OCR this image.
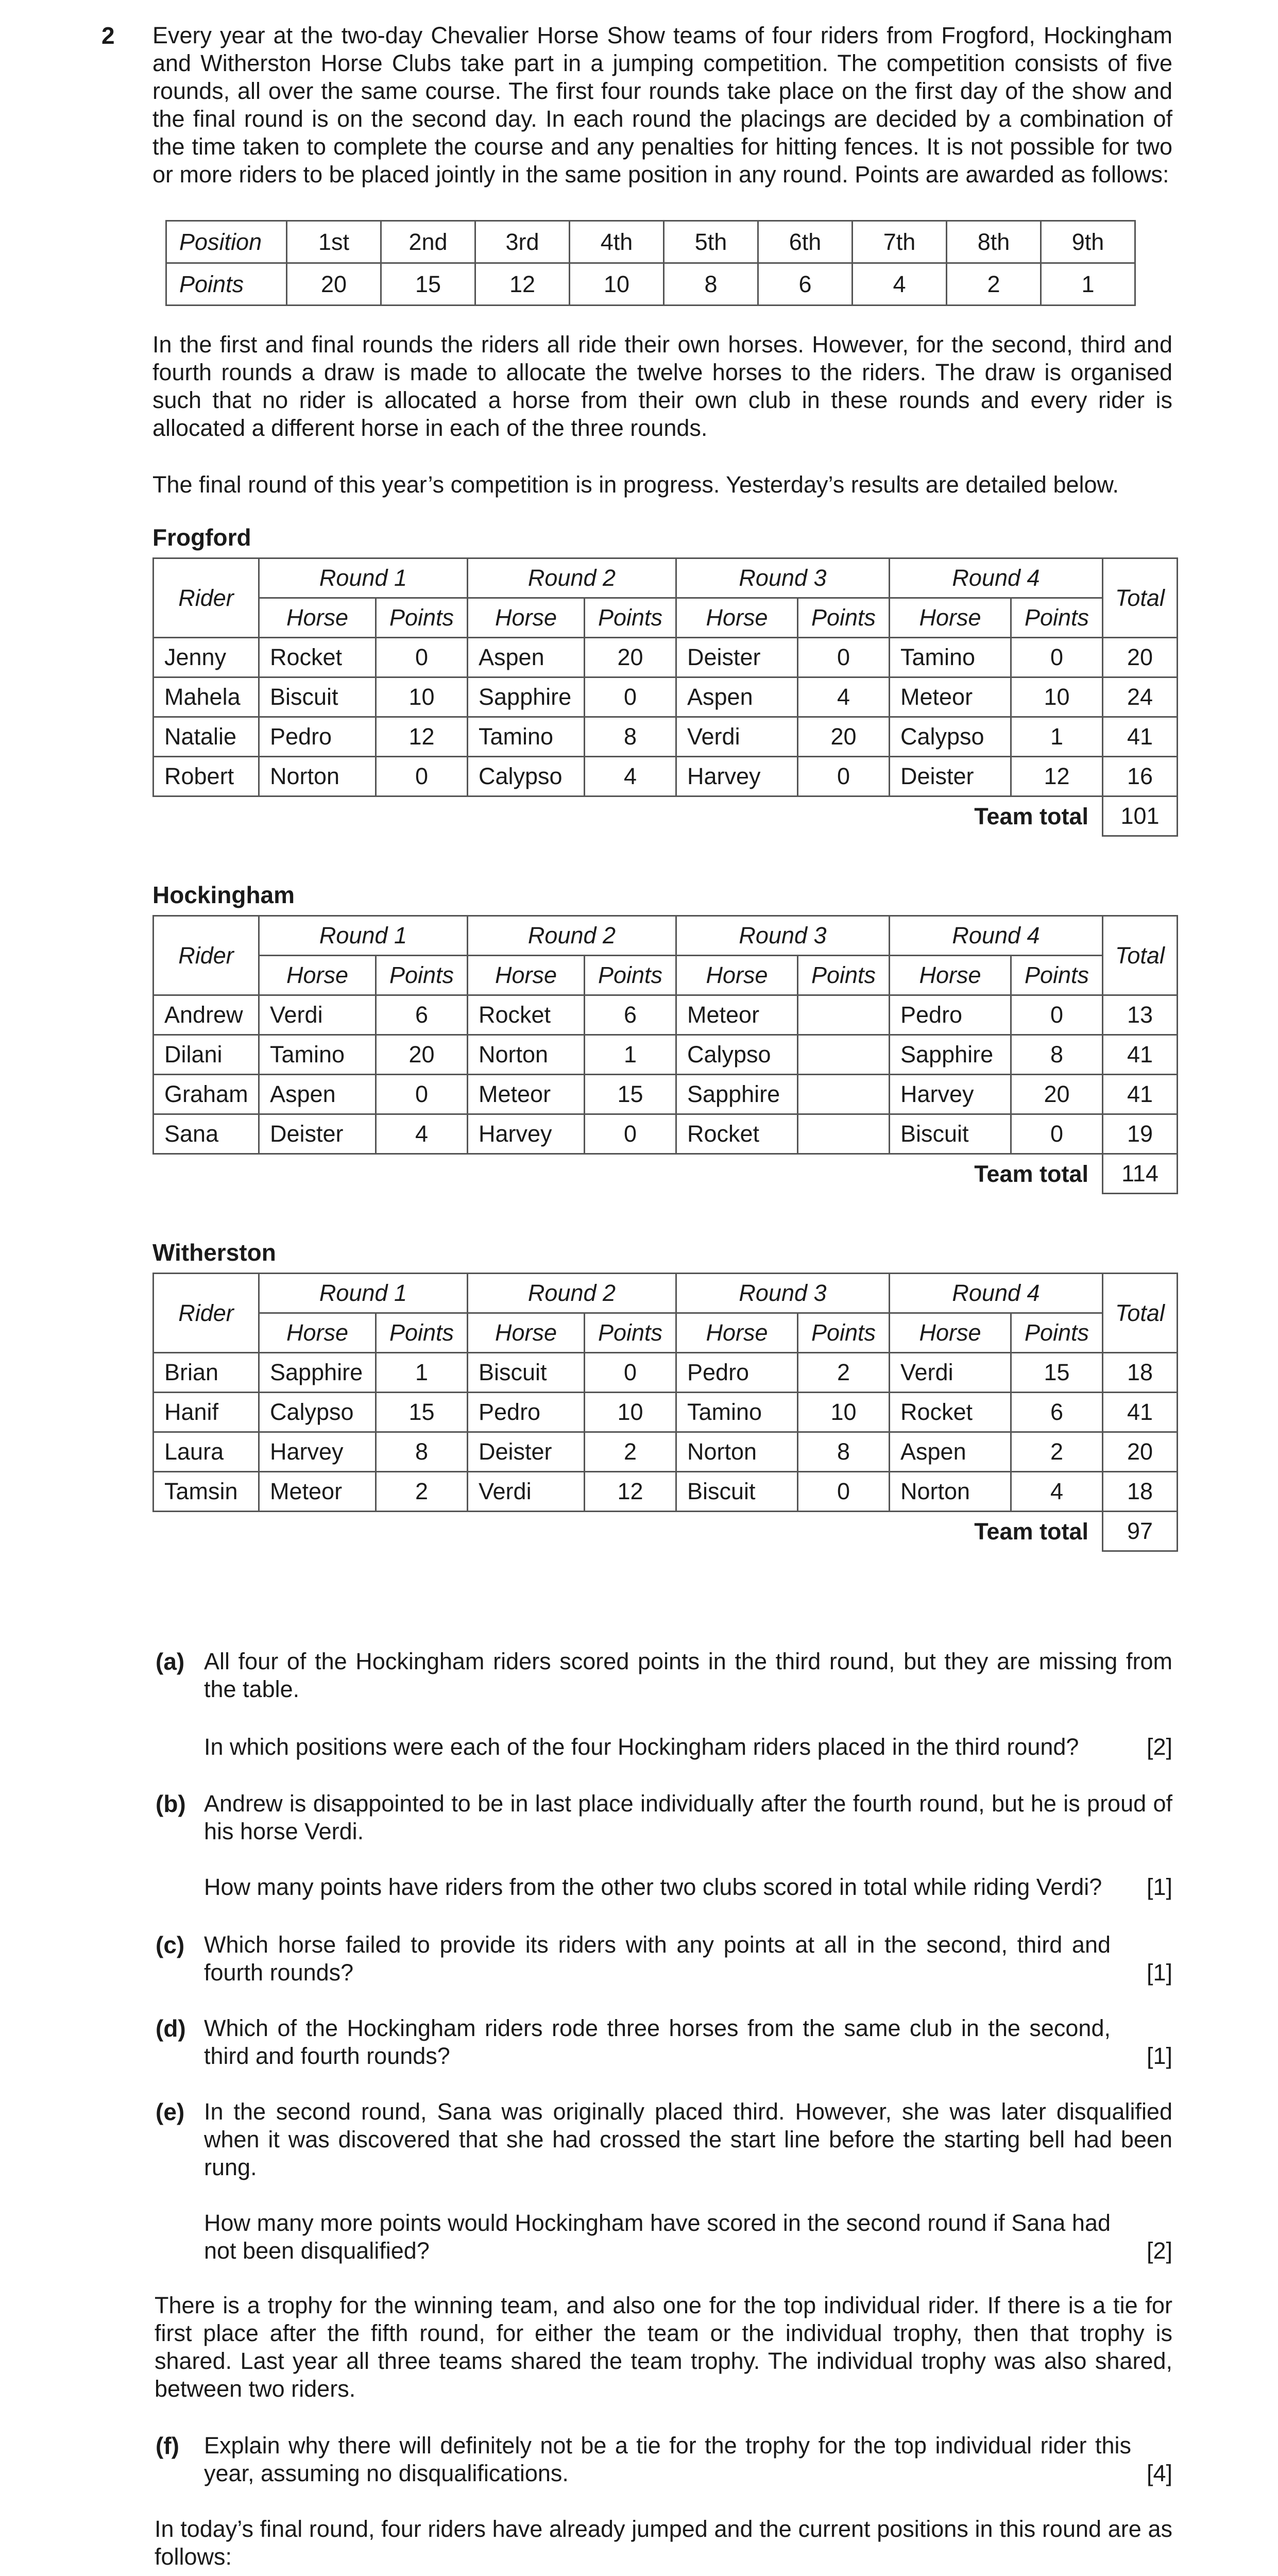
2 Every year at the two-day Chevalier Horse Show teams of four riders from Frogford, Hockingham and Witherston Horse Clubs take part in a jumping competition. The competition consists of five rounds, all over the same course. The first four rounds take place on the first day of the show and the final round is on the second day. In each round the placings are decided by a combination of the time taken to complete the course and any penalties for hitting fences. It is not possible for two or more riders to be placed jointly in the same position in any round. Points are awarded as follows:
Position	1st	2nd	3rd	4th	5th	6th	7th	8th	9th
Points	20	15	12	10	8	6	4	2	1
In the first and final rounds the riders all ride their own horses. However, for the second, third and fourth rounds a draw is made to allocate the twelve horses to the riders. The draw is organised such that no rider is allocated a horse from their own club in these rounds and every rider is allocated a different horse in each of the three rounds.
The final round of this year’s competition is in progress. Yesterday’s results are detailed below.
Frogford
Rider	Round 1		Round 2		Round 3		Round 4		Total
	Horse	Points	Horse	Points	Horse	Points	Horse	Points	
Jenny	Rocket	0	Aspen	20	Deister	0	Tamino	0	20
Mahela	Biscuit	10	Sapphire	0	Aspen	4	Meteor	10	24
Natalie	Pedro	12	Tamino	8	Verdi	20	Calypso	1	41
Robert	Norton	0	Calypso	4	Harvey	0	Deister	12	16
Team total									101
Hockingham
Rider	Round 1		Round 2		Round 3		Round 4		Total
	Horse	Points	Horse	Points	Horse	Points	Horse	Points	
Andrew	Verdi	6	Rocket	6	Meteor		Pedro	0	13
Dilani	Tamino	20	Norton	1	Calypso		Sapphire	8	41
Graham	Aspen	0	Meteor	15	Sapphire		Harvey	20	41
Sana	Deister	4	Harvey	0	Rocket		Biscuit	0	19
Team total									114
Witherston
Rider	Round 1		Round 2		Round 3		Round 4		Total
	Horse	Points	Horse	Points	Horse	Points	Horse	Points	
Brian	Sapphire	1	Biscuit	0	Pedro	2	Verdi	15	18
Hanif	Calypso	15	Pedro	10	Tamino	10	Rocket	6	41
Laura	Harvey	8	Deister	2	Norton	8	Aspen	2	20
Tamsin	Meteor	2	Verdi	12	Biscuit	0	Norton	4	18
Team total									97
(a) All four of the Hockingham riders scored points in the third round, but they are missing from the table.
In which positions were each of the four Hockingham riders placed in the third round?	[2]
(b) Andrew is disappointed to be in last place individually after the fourth round, but he is proud of his horse Verdi.
How many points have riders from the other two clubs scored in total while riding Verdi?	[1]
(c) Which horse failed to provide its riders with any points at all in the second, third and fourth rounds?	[1]
(d) Which of the Hockingham riders rode three horses from the same club in the second, third and fourth rounds?	[1]
(e) In the second round, Sana was originally placed third. However, she was later disqualified when it was discovered that she had crossed the start line before the starting bell had been rung.
How many more points would Hockingham have scored in the second round if Sana had not been disqualified?	[2]
There is a trophy for the winning team, and also one for the top individual rider. If there is a tie for first place after the fifth round, for either the team or the individual trophy, then that trophy is shared. Last year all three teams shared the team trophy. The individual trophy was also shared, between two riders.
(f) Explain why there will definitely not be a tie for the trophy for the top individual rider this year, assuming no disqualifications.	[4]
In today’s final round, four riders have already jumped and the current positions in this round are as follows:
